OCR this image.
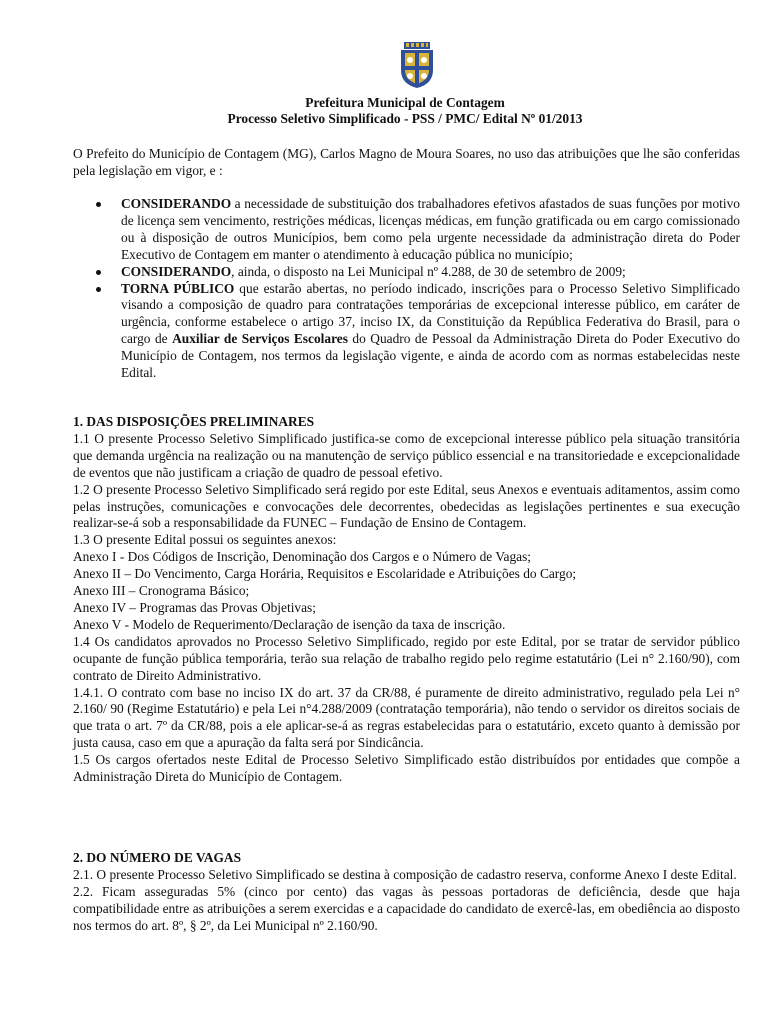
Prefeitura Municipal de Contagem
Processo Seletivo Simplificado - PSS / PMC/ Edital Nº 01/2013

O Prefeito do Município de Contagem (MG), Carlos Magno de Moura Soares, no uso das atribuições que lhe são conferidas pela legislação em vigor, e :

CONSIDERANDO a necessidade de substituição dos trabalhadores efetivos afastados de suas funções por motivo de licença sem vencimento, restrições médicas, licenças médicas, em função gratificada ou em cargo comissionado ou à disposição de outros Municípios, bem como pela urgente necessidade da administração direta do Poder Executivo de Contagem em manter o atendimento à educação pública no município;
CONSIDERANDO, ainda, o disposto na Lei Municipal nº 4.288, de 30 de setembro de 2009;
TORNA PÚBLICO que estarão abertas, no período indicado, inscrições para o Processo Seletivo Simplificado visando a composição de quadro para contratações temporárias de excepcional interesse público, em caráter de urgência, conforme estabelece o artigo 37, inciso IX, da Constituição da República Federativa do Brasil, para o cargo de Auxiliar de Serviços Escolares do Quadro de Pessoal da Administração Direta do Poder Executivo do Município de Contagem, nos termos da legislação vigente, e ainda de acordo com as normas estabelecidas neste Edital.

1. DAS DISPOSIÇÕES PRELIMINARES

1.1 O presente Processo Seletivo Simplificado justifica-se como de excepcional interesse público pela situação transitória que demanda urgência na realização ou na manutenção de serviço público essencial e na transitoriedade e excepcionalidade de eventos que não justificam a criação de quadro de pessoal efetivo.

1.2 O presente Processo Seletivo Simplificado será regido por este Edital, seus Anexos e eventuais aditamentos, assim como pelas instruções, comunicações e convocações dele decorrentes, obedecidas as legislações pertinentes e sua execução realizar-se-á sob a responsabilidade da FUNEC – Fundação de Ensino de Contagem.

1.3 O presente Edital possui os seguintes anexos:

Anexo I - Dos Códigos de Inscrição, Denominação dos Cargos e o Número de Vagas;

Anexo II – Do Vencimento, Carga Horária, Requisitos e Escolaridade e Atribuições do Cargo;

Anexo III – Cronograma Básico;

Anexo IV – Programas das Provas Objetivas;

Anexo V - Modelo de Requerimento/Declaração de isenção da taxa de inscrição.

1.4 Os candidatos aprovados no Processo Seletivo Simplificado, regido por este Edital, por se tratar de servidor público ocupante de função pública temporária, terão sua relação de trabalho regido pelo regime estatutário (Lei n° 2.160/90), com contrato de Direito Administrativo.

1.4.1. O contrato com base no inciso IX do art. 37 da CR/88, é puramente de direito administrativo, regulado pela Lei n° 2.160/ 90 (Regime Estatutário) e pela Lei n°4.288/2009 (contratação temporária), não tendo o servidor os direitos sociais de que trata o art. 7º da CR/88, pois a ele aplicar-se-á as regras estabelecidas para o estatutário, exceto quanto à demissão por justa causa, caso em que a apuração da falta será por Sindicância.

1.5 Os cargos ofertados neste Edital de Processo Seletivo Simplificado estão distribuídos por entidades que compõe a Administração Direta do Município de Contagem.

2. DO NÚMERO DE VAGAS

2.1. O presente Processo Seletivo Simplificado se destina à composição de cadastro reserva, conforme Anexo I deste Edital.

2.2. Ficam asseguradas 5% (cinco por cento) das vagas às pessoas portadoras de deficiência, desde que haja compatibilidade entre as atribuições a serem exercidas e a capacidade do candidato de exercê-las, em obediência ao disposto nos termos do art. 8º, § 2º, da Lei Municipal nº 2.160/90.
